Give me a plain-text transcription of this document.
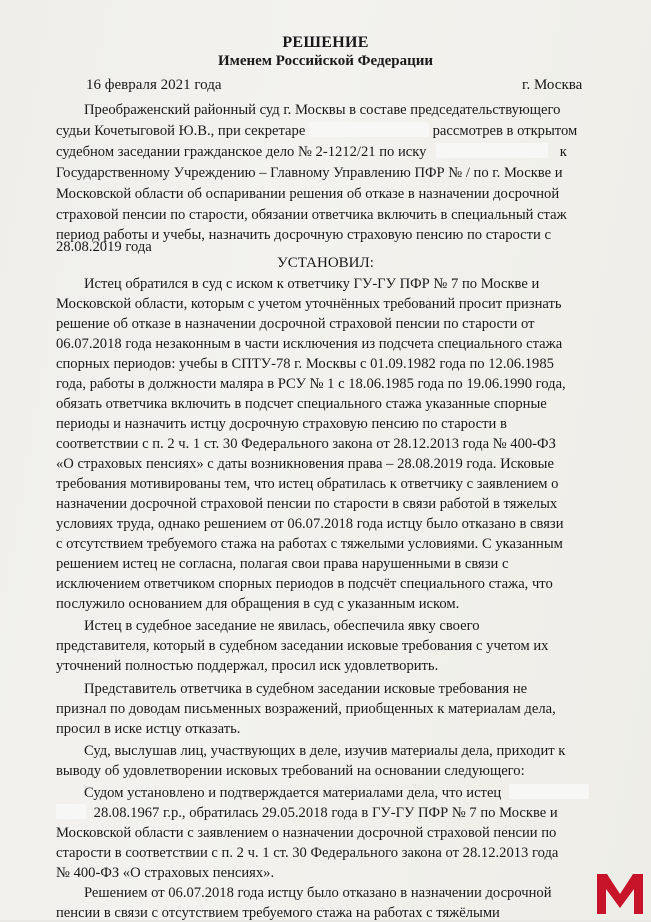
РЕШЕНИЕ
Именем Российской Федерации
16 февраля 2021 года	г. Москва
Преображенский районный суд г. Москвы в составе председательствующего
судьи Кочетыговой Ю.В., при секретаре	рассмотрев в открытом
судебном заседании гражданское дело № 2-1212/21 по иску	к
Государственному Учреждению – Главному Управлению ПФР № / по г. Москве и
Московской области об оспаривании решения об отказе в назначении досрочной
страховой пенсии по старости, обязании ответчика включить в специальный стаж
период работы и учебы, назначить досрочную страховую пенсию по старости с
28.08.2019 года
УСТАНОВИЛ:
Истец обратился в суд с иском к ответчику ГУ-ГУ ПФР № 7 по Москве и
Московской области, которым с учетом уточнённых требований просит признать
решение об отказе в назначении досрочной страховой пенсии по старости от
06.07.2018 года незаконным в части исключения из подсчета специального стажа
спорных периодов: учебы в СПТУ-78 г. Москвы с 01.09.1982 года по 12.06.1985
года, работы в должности маляра в РСУ № 1 с 18.06.1985 года по 19.06.1990 года,
обязать ответчика включить в подсчет специального стажа указанные спорные
периоды и назначить истцу досрочную страховую пенсию по старости в
соответствии с п. 2 ч. 1 ст. 30 Федерального закона от 28.12.2013 года № 400-ФЗ
«О страховых пенсиях» с даты возникновения права – 28.08.2019 года. Исковые
требования мотивированы тем, что истец обратилась к ответчику с заявлением о
назначении досрочной страховой пенсии по старости в связи работой в тяжелых
условиях труда, однако решением от 06.07.2018 года истцу было отказано в связи
с отсутствием требуемого стажа на работах с тяжелыми условиями. С указанным
решением истец не согласна, полагая свои права нарушенными в связи с
исключением ответчиком спорных периодов в подсчёт специального стажа, что
послужило основанием для обращения в суд с указанным иском.
Истец в судебное заседание не явилась, обеспечила явку своего
представителя, который в судебном заседании исковые требования с учетом их
уточнений полностью поддержал, просил иск удовлетворить.
Представитель ответчика в судебном заседании исковые требования не
признал по доводам письменных возражений, приобщенных к материалам дела,
просил в иске истцу отказать.
Суд, выслушав лиц, участвующих в деле, изучив материалы дела, приходит к
выводу об удовлетворении исковых требований на основании следующего:
Судом установлено и подтверждается материалами дела, что истец
28.08.1967 г.р., обратилась 29.05.2018 года в ГУ-ГУ ПФР № 7 по Москве и
Московской области с заявлением о назначении досрочной страховой пенсии по
старости в соответствии с п. 2 ч. 1 ст. 30 Федерального закона от 28.12.2013 года
№ 400-ФЗ «О страховых пенсиях».
Решением от 06.07.2018 года истцу было отказано в назначении досрочной
пенсии в связи с отсутствием требуемого стажа на работах с тяжёлыми
